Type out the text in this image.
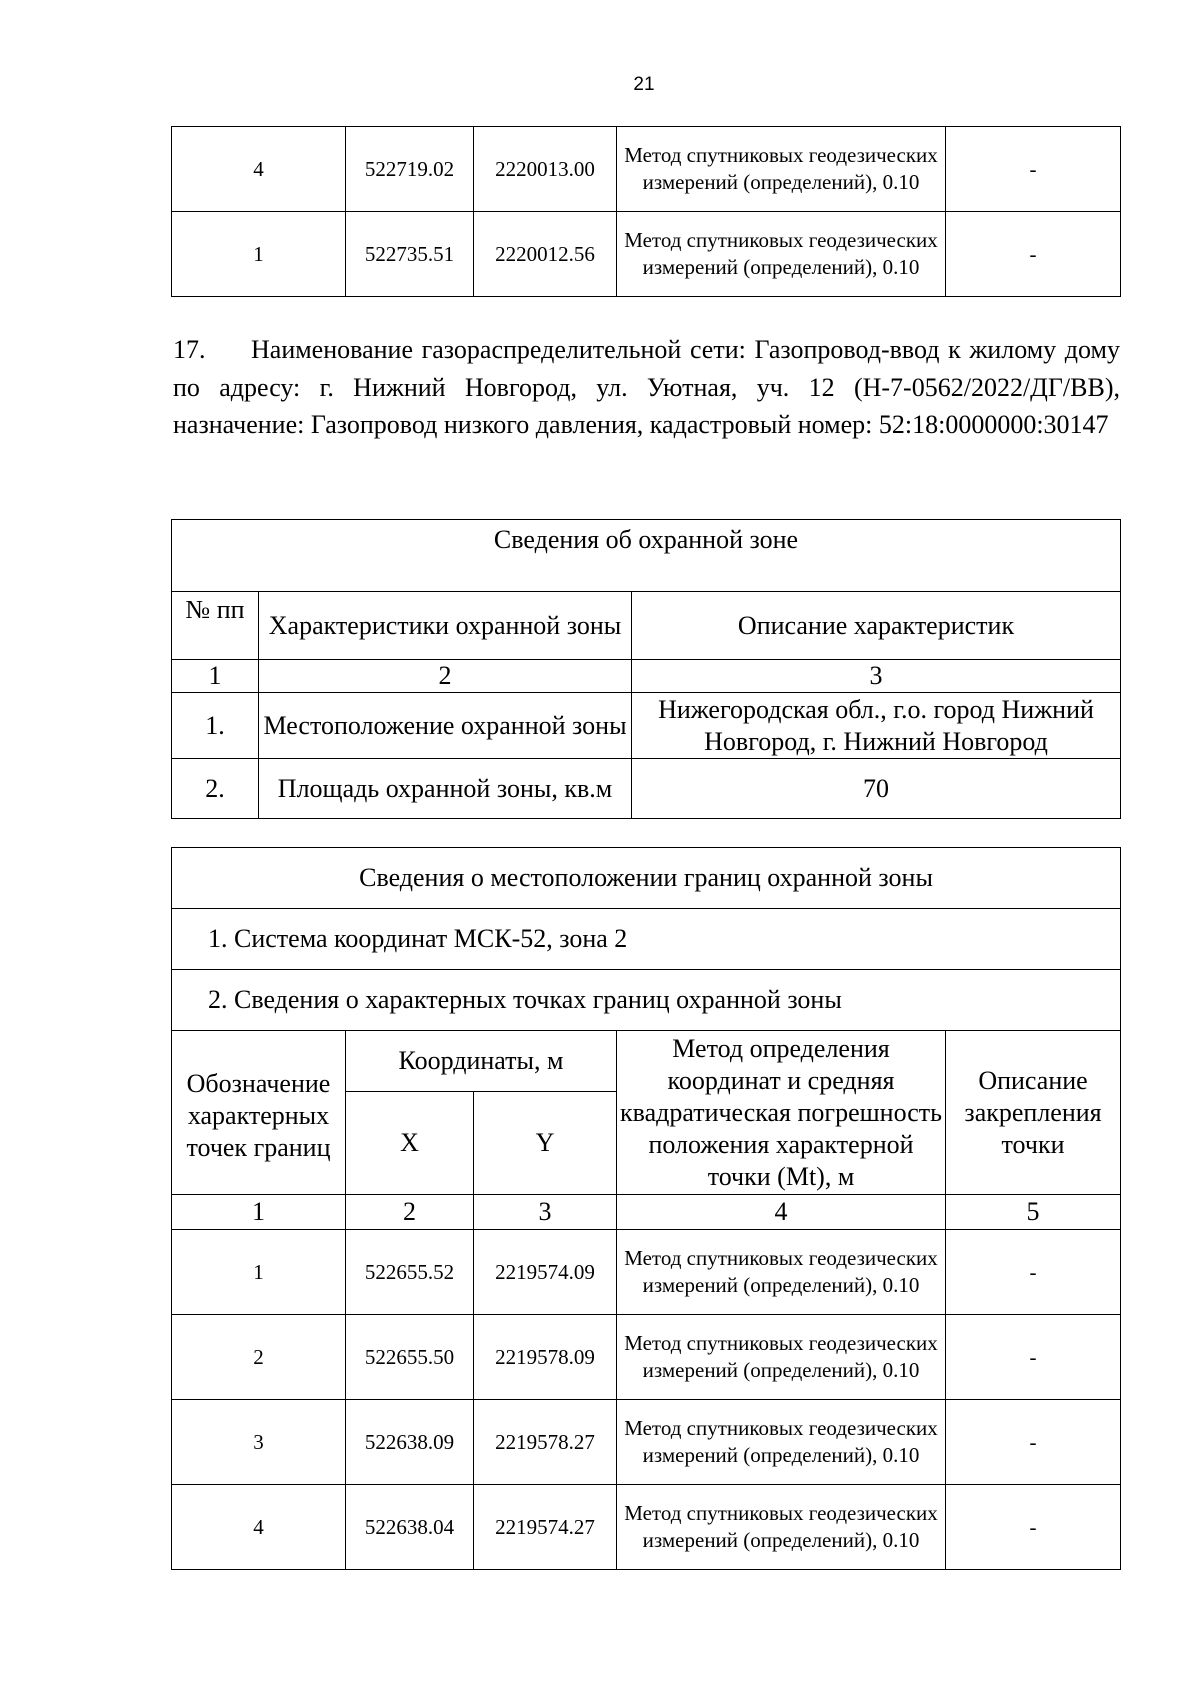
21
4	522719.02	2220013.00	Метод спутниковых геодезических измерений (определений), 0.10	-
1	522735.51	2220012.56	Метод спутниковых геодезических измерений (определений), 0.10	-
17. Наименование газораспределительной сети: Газопровод-ввод к жилому дому по адресу: г. Нижний Новгород, ул. Уютная, уч. 12 (Н-7-0562/2022/ДГ/ВВ), назначение: Газопровод низкого давления, кадастровый номер: 52:18:0000000:30147
Сведения об охранной зоне		
№ пп	Характеристики охранной зоны	Описание характеристик
1	2	3
1.	Местоположение охранной зоны	Нижегородская обл., г.о. город Нижний Новгород, г. Нижний Новгород
2.	Площадь охранной зоны, кв.м	70
Сведения о местоположении границ охранной зоны				
1. Система координат МСК-52, зона 2				
2. Сведения о характерных точках границ охранной зоны				
Обозначение характерных точек границ	Координаты, м		Метод определения координат и средняя квадратическая погрешность положения характерной точки (Mt), м	Описание закрепления точки
	X	Y		
1	2	3	4	5
1	522655.52	2219574.09	Метод спутниковых геодезических измерений (определений), 0.10	-
2	522655.50	2219578.09	Метод спутниковых геодезических измерений (определений), 0.10	-
3	522638.09	2219578.27	Метод спутниковых геодезических измерений (определений), 0.10	-
4	522638.04	2219574.27	Метод спутниковых геодезических измерений (определений), 0.10	-
